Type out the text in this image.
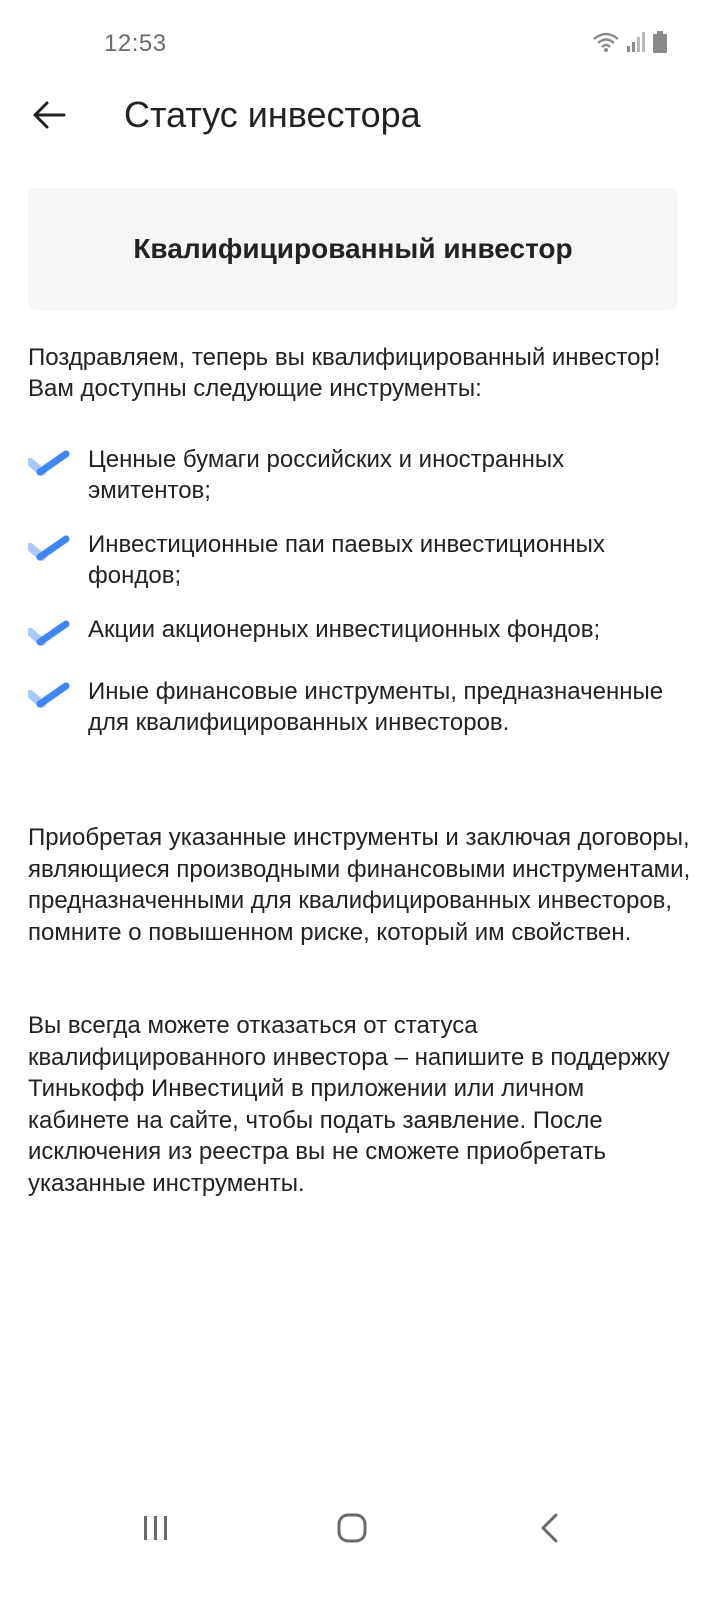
12:53
Статус инвестора
Квалифицированный инвестор
Поздравляем, теперь вы квалифицированный инвестор! Вам доступны следующие инструменты:
Ценные бумаги российских и иностранных эмитентов;
Инвестиционные паи паевых инвестиционных фондов;
Акции акционерных инвестиционных фондов;
Иные финансовые инструменты, предназначенные для квалифицированных инвесторов.
Приобретая указанные инструменты и заключая договоры, являющиеся производными финансовыми инструментами, предназначенными для квалифицированных инвесторов, помните о повышенном риске, который им свойствен.
Вы всегда можете отказаться от статуса квалифицированного инвестора – напишите в поддержку Тинькофф Инвестиций в приложении или личном кабинете на сайте, чтобы подать заявление. После исключения из реестра вы не сможете приобретать указанные инструменты.
